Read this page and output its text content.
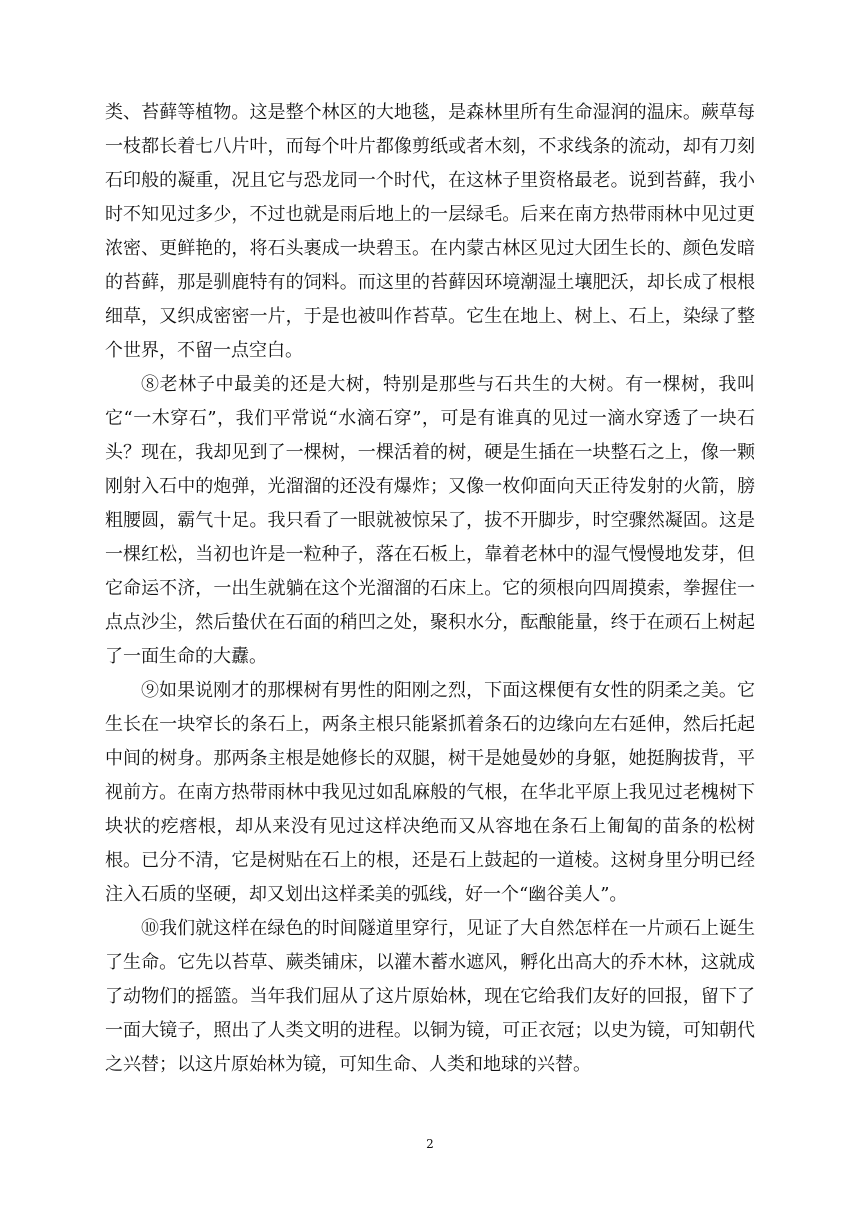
类、苔藓等植物。这是整个林区的大地毯，是森林里所有生命湿润的温床。蕨草每一枝都长着七八片叶，而每个叶片都像剪纸或者木刻，不求线条的流动，却有刀刻石印般的凝重，况且它与恐龙同一个时代，在这林子里资格最老。说到苔藓，我小时不知见过多少，不过也就是雨后地上的一层绿毛。后来在南方热带雨林中见过更浓密、更鲜艳的，将石头裹成一块碧玉。在内蒙古林区见过大团生长的、颜色发暗的苔藓，那是驯鹿特有的饲料。而这里的苔藓因环境潮湿土壤肥沃，却长成了根根细草，又织成密密一片，于是也被叫作苔草。它生在地上、树上、石上，染绿了整个世界，不留一点空白。

⑧老林子中最美的还是大树，特别是那些与石共生的大树。有一棵树，我叫它“一木穿石”，我们平常说“水滴石穿”，可是有谁真的见过一滴水穿透了一块石头？现在，我却见到了一棵树，一棵活着的树，硬是生插在一块整石之上，像一颗刚射入石中的炮弹，光溜溜的还没有爆炸；又像一枚仰面向天正待发射的火箭，膀粗腰圆，霸气十足。我只看了一眼就被惊呆了，拔不开脚步，时空骤然凝固。这是一棵红松，当初也许是一粒种子，落在石板上，靠着老林中的湿气慢慢地发芽，但它命运不济，一出生就躺在这个光溜溜的石床上。它的须根向四周摸索，拳握住一点点沙尘，然后蛰伏在石面的稍凹之处，聚积水分，酝酿能量，终于在顽石上树起了一面生命的大纛。

⑨如果说刚才的那棵树有男性的阳刚之烈，下面这棵便有女性的阴柔之美。它生长在一块窄长的条石上，两条主根只能紧抓着条石的边缘向左右延伸，然后托起中间的树身。那两条主根是她修长的双腿，树干是她曼妙的身躯，她挺胸拔背，平视前方。在南方热带雨林中我见过如乱麻般的气根，在华北平原上我见过老槐树下块状的疙瘩根，却从来没有见过这样决绝而又从容地在条石上匍匐的苗条的松树根。已分不清，它是树贴在石上的根，还是石上鼓起的一道棱。这树身里分明已经注入石质的坚硬，却又划出这样柔美的弧线，好一个“幽谷美人”。

⑩我们就这样在绿色的时间隧道里穿行，见证了大自然怎样在一片顽石上诞生了生命。它先以苔草、蕨类铺床，以灌木蓄水遮风，孵化出高大的乔木林，这就成了动物们的摇篮。当年我们屈从了这片原始林，现在它给我们友好的回报，留下了一面大镜子，照出了人类文明的进程。以铜为镜，可正衣冠；以史为镜，可知朝代之兴替；以这片原始林为镜，可知生命、人类和地球的兴替。

2
